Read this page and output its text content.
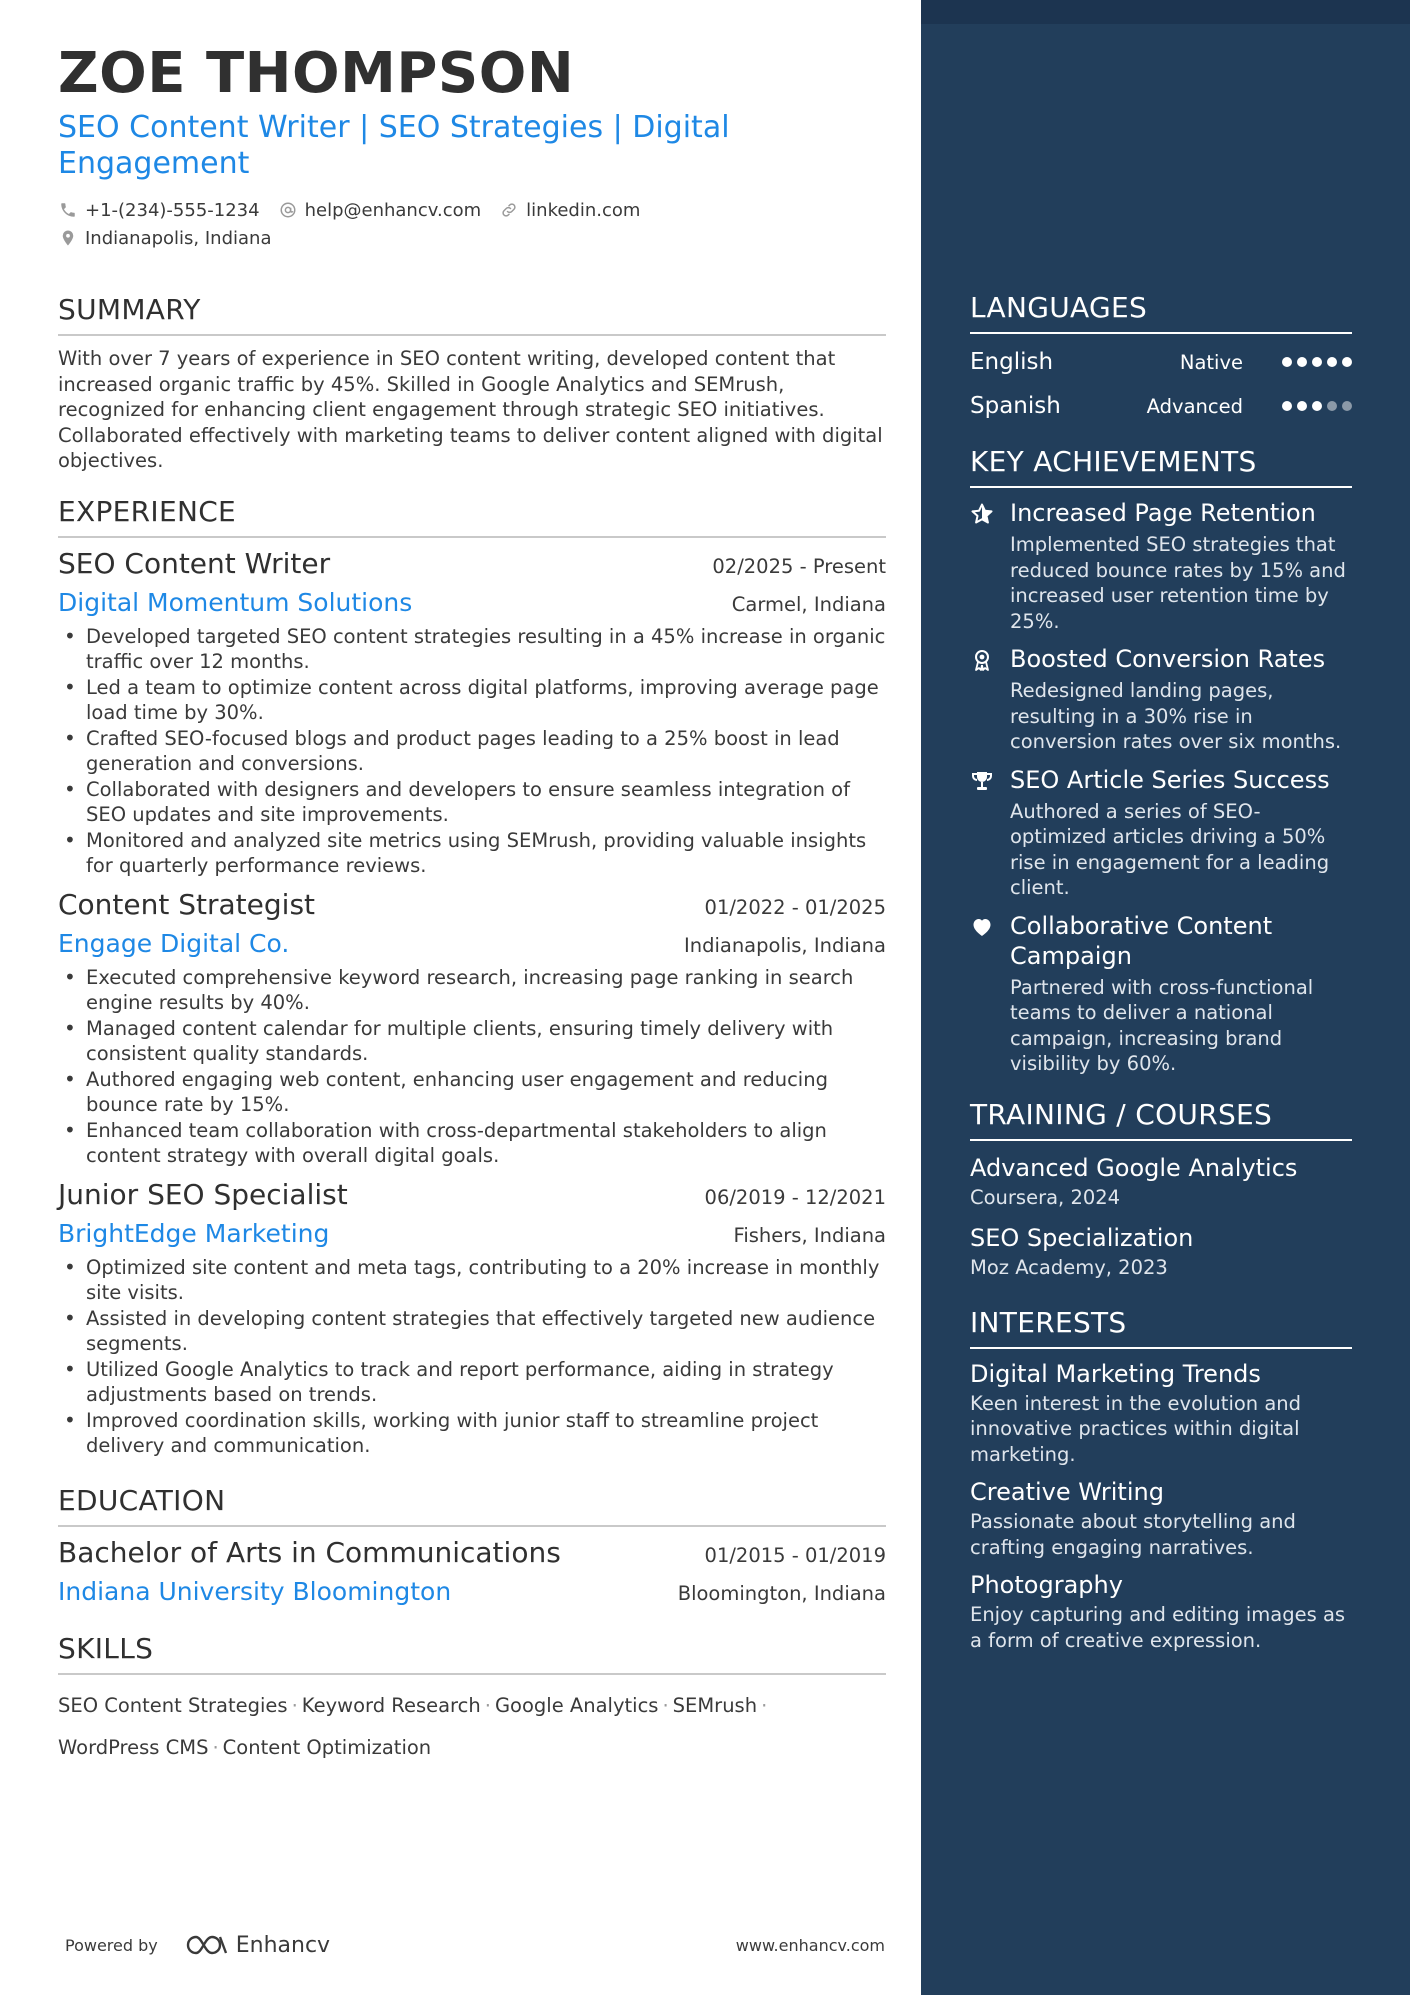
ZOE THOMPSON
SEO Content Writer | SEO Strategies | Digital Engagement
+1-(234)-555-1234	help@enhancv.com	linkedin.com
Indianapolis, Indiana
SUMMARY

With over 7 years of experience in SEO content writing, developed content that increased organic traffic by 45%. Skilled in Google Analytics and SEMrush, recognized for enhancing client engagement through strategic SEO initiatives. Collaborated effectively with marketing teams to deliver content aligned with digital objectives.

EXPERIENCE
SEO Content Writer	02/2025 - Present
Digital Momentum Solutions	Carmel, Indiana
• Developed targeted SEO content strategies resulting in a 45% increase in organic traffic over 12 months.
• Led a team to optimize content across digital platforms, improving average page load time by 30%.
• Crafted SEO-focused blogs and product pages leading to a 25% boost in lead generation and conversions.
• Collaborated with designers and developers to ensure seamless integration of SEO updates and site improvements.
• Monitored and analyzed site metrics using SEMrush, providing valuable insights for quarterly performance reviews.
Content Strategist	01/2022 - 01/2025
Engage Digital Co.	Indianapolis, Indiana
• Executed comprehensive keyword research, increasing page ranking in search engine results by 40%.
• Managed content calendar for multiple clients, ensuring timely delivery with consistent quality standards.
• Authored engaging web content, enhancing user engagement and reducing bounce rate by 15%.
• Enhanced team collaboration with cross-departmental stakeholders to align content strategy with overall digital goals.
Junior SEO Specialist	06/2019 - 12/2021
BrightEdge Marketing	Fishers, Indiana
• Optimized site content and meta tags, contributing to a 20% increase in monthly site visits.
• Assisted in developing content strategies that effectively targeted new audience segments.
• Utilized Google Analytics to track and report performance, aiding in strategy adjustments based on trends.
• Improved coordination skills, working with junior staff to streamline project delivery and communication.
EDUCATION
Bachelor of Arts in Communications	01/2015 - 01/2019
Indiana University Bloomington	Bloomington, Indiana
SKILLS
SEO Content Strategies · Keyword Research · Google Analytics · SEMrush ·
WordPress CMS · Content Optimization
Powered by	Enhancv	www.enhancv.com
LANGUAGES
English	Native
Spanish	Advanced
KEY ACHIEVEMENTS
Increased Page Retention
Implemented SEO strategies that reduced bounce rates by 15% and increased user retention time by 25%.
Boosted Conversion Rates
Redesigned landing pages, resulting in a 30% rise in conversion rates over six months.
SEO Article Series Success
Authored a series of SEO-optimized articles driving a 50% rise in engagement for a leading client.
Collaborative Content Campaign
Partnered with cross-functional teams to deliver a national campaign, increasing brand visibility by 60%.
TRAINING / COURSES
Advanced Google Analytics
Coursera, 2024
SEO Specialization
Moz Academy, 2023
INTERESTS
Digital Marketing Trends
Keen interest in the evolution and innovative practices within digital marketing.
Creative Writing
Passionate about storytelling and crafting engaging narratives.
Photography
Enjoy capturing and editing images as a form of creative expression.
